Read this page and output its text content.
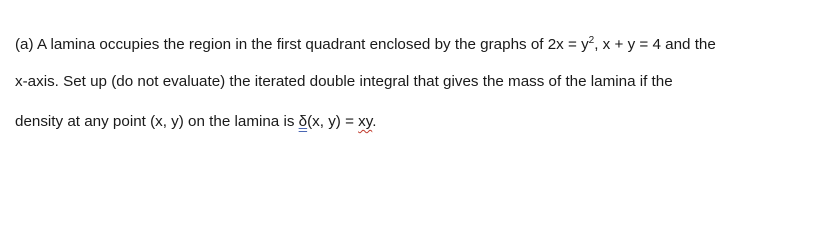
(a) A lamina occupies the region in the first quadrant enclosed by the graphs of $2x = y^2$, x + y = 4 and the
x-axis. Set up (do not evaluate) the iterated double integral that gives the mass of the lamina if the
density at any point (x, y) on the lamina is δ(x, y) = xy.
